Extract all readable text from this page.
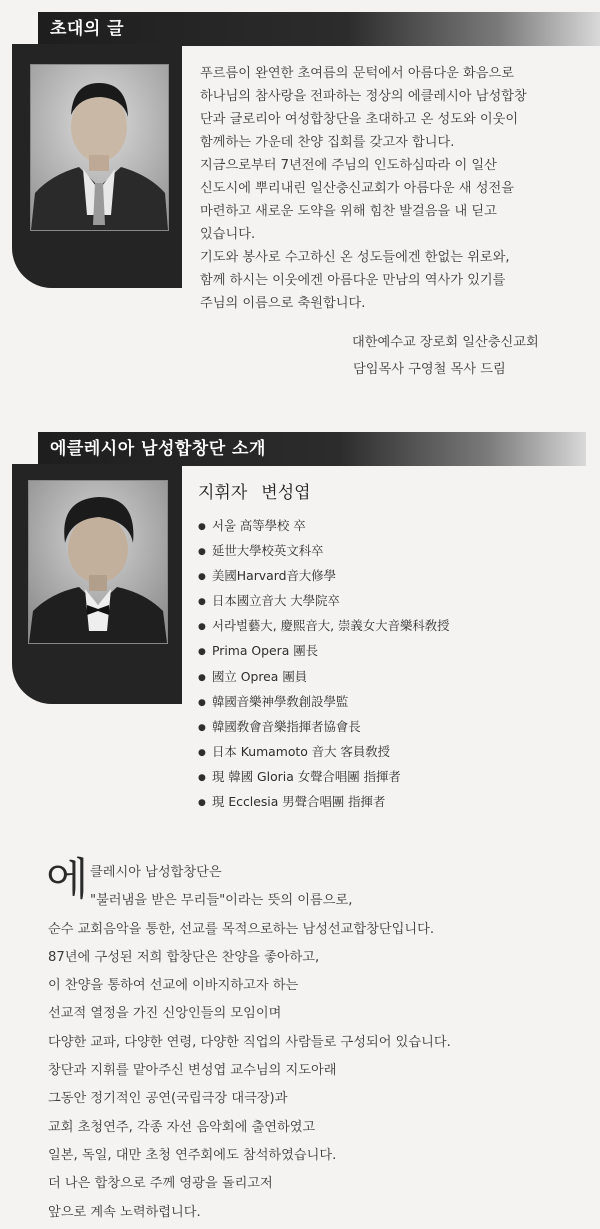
초대의 글

푸르름이 완연한 초여름의 문턱에서 아름다운 화음으로

하나님의 참사랑을 전파하는 정상의 에클레시아 남성합창

단과 글로리아 여성합창단을 초대하고 온 성도와 이웃이

함께하는 가운데 찬양 집회를 갖고자 합니다.

지금으로부터 7년전에 주님의 인도하심따라 이 일산

신도시에 뿌리내린 일산충신교회가 아름다운 새 성전을

마련하고 새로운 도약을 위해 힘찬 발걸음을 내 딛고

있습니다.

기도와 봉사로 수고하신 온 성도들에겐 한없는 위로와,

함께 하시는 이웃에겐 아름다운 만남의 역사가 있기를

주님의 이름으로 축원합니다.

대한예수교 장로회 일산충신교회
담임목사 구영철 목사 드림
에클레시아 남성합창단 소개
지휘자 변성엽
● 서울 高等學校 卒
● 延世大學校英文科卒
● 美國Harvard音大修學
● 日本國立音大 大學院卒
● 서라벌藝大, 慶熙音大, 崇義女大音樂科敎授
● Prima Opera 團長
● 國立 Oprea 團員
● 韓國音樂神學敎創設學監
● 韓國敎會音樂指揮者協會長
● 日本 Kumamoto 音大 客員敎授
● 現 韓國 Gloria 女聲合唱團 指揮者
● 現 Ecclesia 男聲合唱團 指揮者
에 클레시아 남성합창단은

"불러냄을 받은 무리들"이라는 뜻의 이름으로,

순수 교회음악을 통한, 선교를 목적으로하는 남성선교합창단입니다.

87년에 구성된 저희 합창단은 찬양을 좋아하고,

이 찬양을 통하여 선교에 이바지하고자 하는

선교적 열정을 가진 신앙인들의 모임이며

다양한 교파, 다양한 연령, 다양한 직업의 사람들로 구성되어 있습니다.

창단과 지휘를 맡아주신 변성엽 교수님의 지도아래

그동안 정기적인 공연(국립극장 대극장)과

교회 초청연주, 각종 자선 음악회에 출연하였고

일본, 독일, 대만 초청 연주회에도 참석하였습니다.

더 나은 합창으로 주께 영광을 돌리고저

앞으로 계속 노력하렵니다.
